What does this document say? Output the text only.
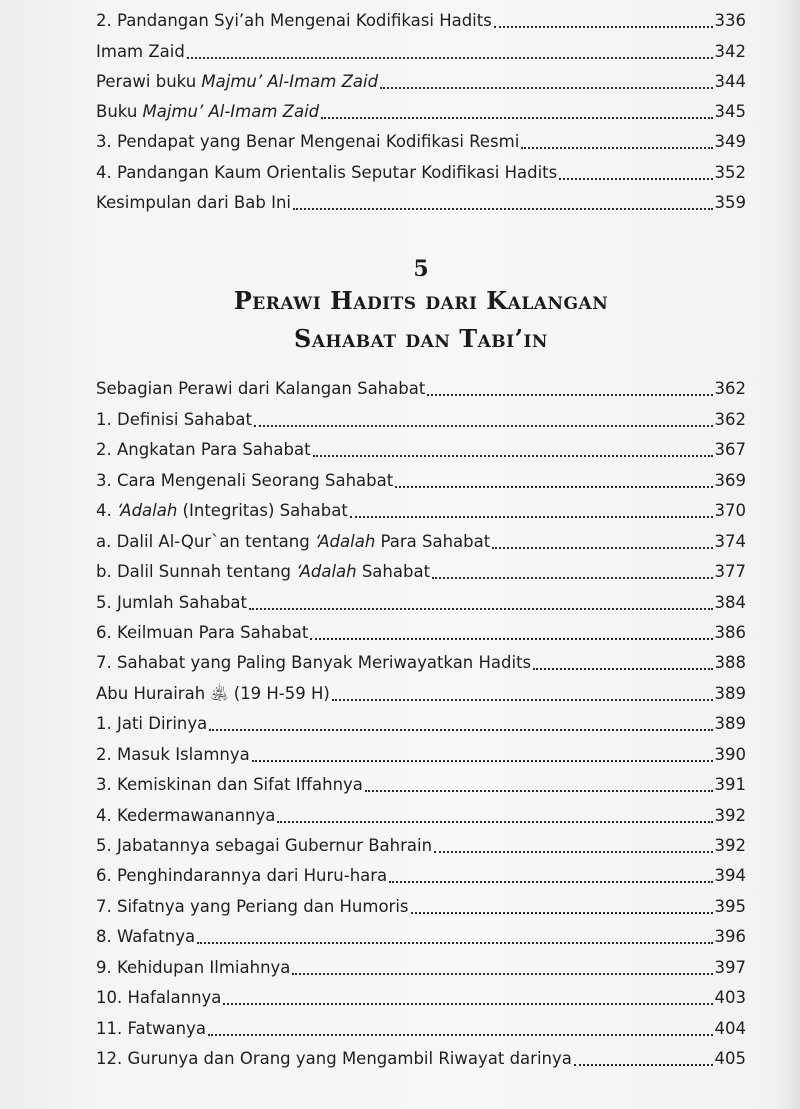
2. Pandangan Syi’ah Mengenai Kodifikasi Hadits	336
Imam Zaid	342
Perawi buku Majmu’ Al-Imam Zaid	344
Buku Majmu’ Al-Imam Zaid	345
3. Pendapat yang Benar Mengenai Kodifikasi Resmi	349
4. Pandangan Kaum Orientalis Seputar Kodifikasi Hadits	352
Kesimpulan dari Bab Ini	359
5
Perawi Hadits dari Kalangan
Sahabat dan Tabi’in
Sebagian Perawi dari Kalangan Sahabat	362
1. Definisi Sahabat	362
2. Angkatan Para Sahabat	367
3. Cara Mengenali Seorang Sahabat	369
4. ‘Adalah (Integritas) Sahabat	370
a. Dalil Al-Qur`an tentang ‘Adalah Para Sahabat	374
b. Dalil Sunnah tentang ‘Adalah Sahabat	377
5. Jumlah Sahabat	384
6. Keilmuan Para Sahabat	386
7. Sahabat yang Paling Banyak Meriwayatkan Hadits	388
Abu Hurairah ﵁ (19 H-59 H)	389
1. Jati Dirinya	389
2. Masuk Islamnya	390
3. Kemiskinan dan Sifat Iffahnya	391
4. Kedermawanannya	392
5. Jabatannya sebagai Gubernur Bahrain	392
6. Penghindarannya dari Huru-hara	394
7. Sifatnya yang Periang dan Humoris	395
8. Wafatnya	396
9. Kehidupan Ilmiahnya	397
10. Hafalannya	403
11. Fatwanya	404
12. Gurunya dan Orang yang Mengambil Riwayat darinya	405
